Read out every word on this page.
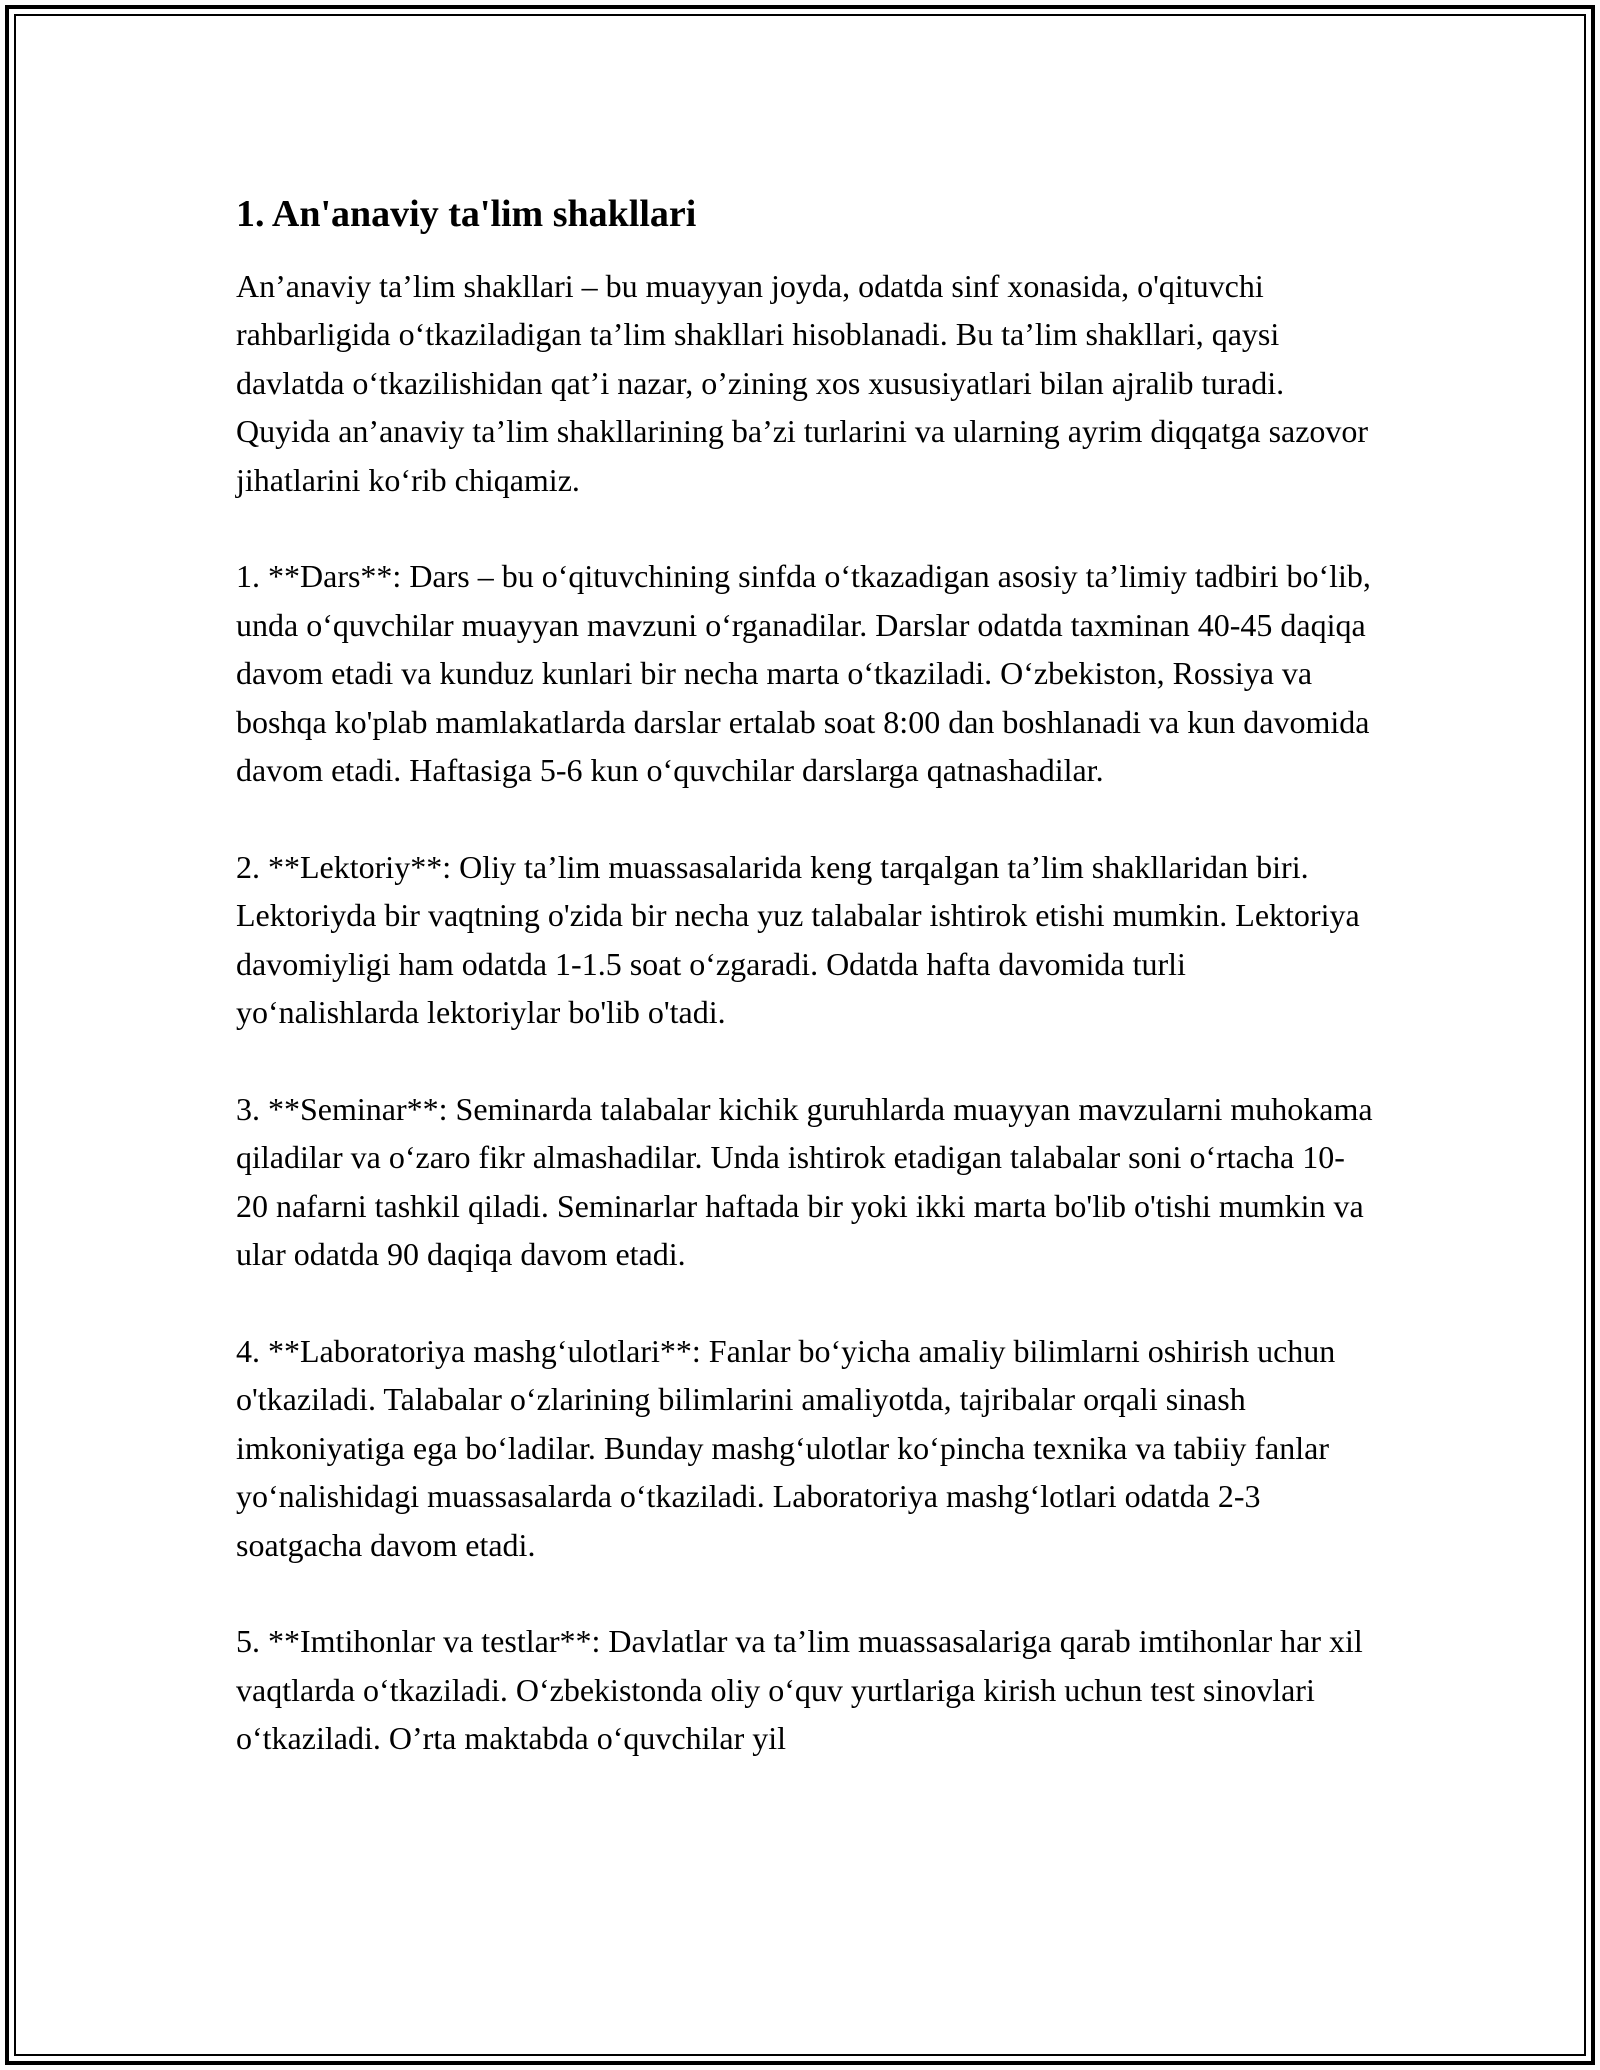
1. An'anaviy ta'lim shakllari

An’anaviy ta’lim shakllari – bu muayyan joyda, odatda sinf xonasida, o'qituvchi rahbarligida o‘tkaziladigan ta’lim shakllari hisoblanadi. Bu ta’lim shakllari, qaysi davlatda o‘tkazilishidan qat’i nazar, o’zining xos xususiyatlari bilan ajralib turadi. Quyida an’anaviy ta’lim shakllarining ba’zi turlarini va ularning ayrim diqqatga sazovor jihatlarini ko‘rib chiqamiz.

1. **Dars**: Dars – bu o‘qituvchining sinfda o‘tkazadigan asosiy ta’limiy tadbiri bo‘lib, unda o‘quvchilar muayyan mavzuni o‘rganadilar. Darslar odatda taxminan 40-45 daqiqa davom etadi va kunduz kunlari bir necha marta o‘tkaziladi. O‘zbekiston, Rossiya va boshqa ko'plab mamlakatlarda darslar ertalab soat 8:00 dan boshlanadi va kun davomida davom etadi. Haftasiga 5-6 kun o‘quvchilar darslarga qatnashadilar.

2. **Lektoriy**: Oliy ta’lim muassasalarida keng tarqalgan ta’lim shakllaridan biri. Lektoriyda bir vaqtning o'zida bir necha yuz talabalar ishtirok etishi mumkin. Lektoriya davomiyligi ham odatda 1-1.5 soat o‘zgaradi. Odatda hafta davomida turli yo‘nalishlarda lektoriylar bo'lib o'tadi.

3. **Seminar**: Seminarda talabalar kichik guruhlarda muayyan mavzularni muhokama qiladilar va o‘zaro fikr almashadilar. Unda ishtirok etadigan talabalar soni o‘rtacha 10-20 nafarni tashkil qiladi. Seminarlar haftada bir yoki ikki marta bo'lib o'tishi mumkin va ular odatda 90 daqiqa davom etadi.

4. **Laboratoriya mashg‘ulotlari**: Fanlar bo‘yicha amaliy bilimlarni oshirish uchun o'tkaziladi. Talabalar o‘zlarining bilimlarini amaliyotda, tajribalar orqali sinash imkoniyatiga ega bo‘ladilar. Bunday mashg‘ulotlar ko‘pincha texnika va tabiiy fanlar yo‘nalishidagi muassasalarda o‘tkaziladi. Laboratoriya mashg‘lotlari odatda 2-3 soatgacha davom etadi.

5. **Imtihonlar va testlar**: Davlatlar va ta’lim muassasalariga qarab imtihonlar har xil vaqtlarda o‘tkaziladi. O‘zbekistonda oliy o‘quv yurtlariga kirish uchun test sinovlari o‘tkaziladi. O’rta maktabda o‘quvchilar yil
